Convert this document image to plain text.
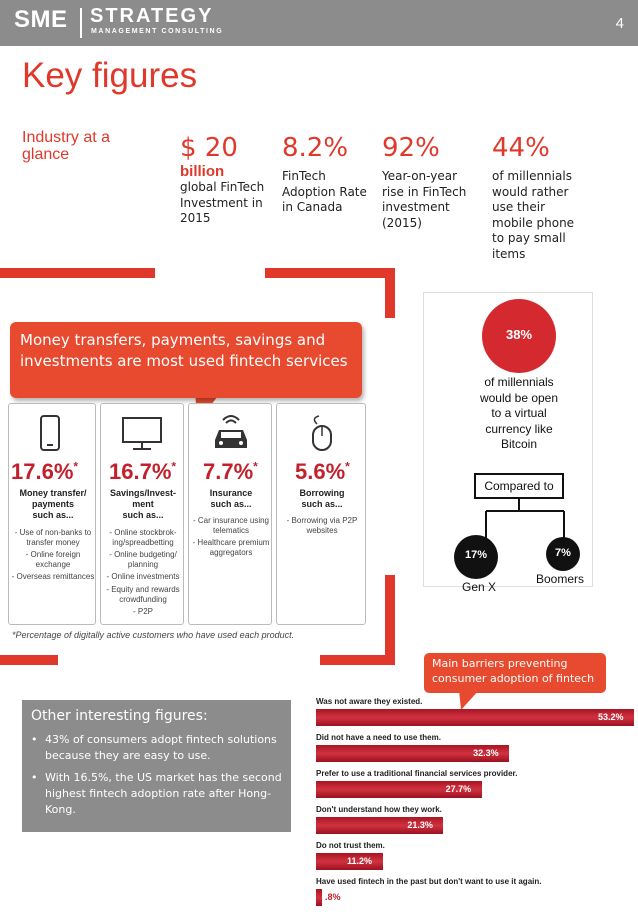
SME STRATEGY
MANAGEMENT CONSULTING	4
Key figures
Industry at a glance	$ 20
billion
global FinTech Investment in 2015
8.2%
FinTech Adoption Rate in Canada
92%
Year-on-year rise in FinTech investment (2015)
44%
of millennials would rather use their mobile phone to pay small items
Money transfers, payments, savings and investments are most used fintech services
17.6%*
Money transfer/
payments
such as...
- Use of non-banks to transfer money
- Online foreign exchange
- Overseas remittances
16.7%*
Savings/Invest-
ment
such as...
- Online stockbrok- ing/spreadbetting
- Online budgeting/ planning
- Online investments
- Equity and rewards crowdfunding
- P2P
7.7%*
Insurance
such as...
- Car insurance using telematics
- Healthcare premium aggregators
5.6%*
Borrowing
such as...
- Borrowing via P2P websites
*Percentage of digitally active customers who have used each product.
38%
of millennials
would be open
to a virtual
currency like
Bitcoin
Compared to
17%
Gen X
7%
Boomers
Main barriers preventing consumer adoption of fintech
Was not aware they existed.
53.2%
Did not have a need to use them.
32.3%
Prefer to use a traditional financial services provider.
27.7%
Don't understand how they work.
21.3%
Do not trust them.
11.2%
Have used fintech in the past but don't want to use it again.
.8%
Other interesting figures:
• 43% of consumers adopt fintech solutions because they are easy to use.
• With 16.5%, the US market has the second highest fintech adoption rate after Hong-Kong.
